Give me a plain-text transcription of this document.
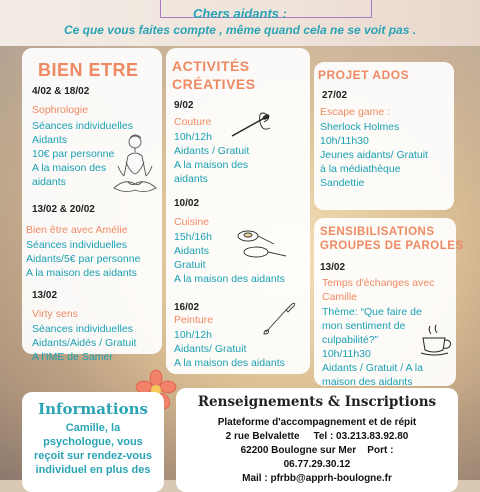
Chers aidants :
Ce que vous faites compte , même quand cela ne se voit pas .
BIEN ETRE
4/02 & 18/02
Sophrologie
Séances individuelles
Aidants
10€ par personne
A la maison des
aidants
13/02 & 20/02
Bien être avec Amélie
Séances individuelles
Aidants/5€ par personne
A la maison des aidants
13/02
Virty sens
Séances individuelles
Aidants/Aidés / Gratuit
A l'IME de Samer
ACTIVITÉS
CRÉATIVES
9/02
Couture
10h/12h
Aidants / Gratuit
A la maison des
aidants
10/02
Cuisine
15h/16h
Aidants
Gratuit
A la maison des aidants
16/02
Peinture
10h/12h
Aidants/ Gratuit
A la maison des aidants
PROJET ADOS
27/02
Escape game :
Sherlock Holmes
10h/11h30
Jeunes aidants/ Gratuit
à la médiathèque
Sandettie
SENSIBILISATIONS
GROUPES DE PAROLES
13/02
Temps d'échanges avec
Camille
Thème: “Que faire de
mon sentiment de
culpabilité?”
10h/11h30
Aidants / Gratuit / A la
maison des aidants
Informations
Camille, la
psychologue, vous
reçoit sur rendez-vous
individuel en plus des
Renseignements & Inscriptions
Plateforme d'accompagnement et de répit
2 rue Belvalette     Tel : 03.213.83.92.80
62200 Boulogne sur Mer    Port :
06.77.29.30.12
Mail : pfrbb@apprh-boulogne.fr
